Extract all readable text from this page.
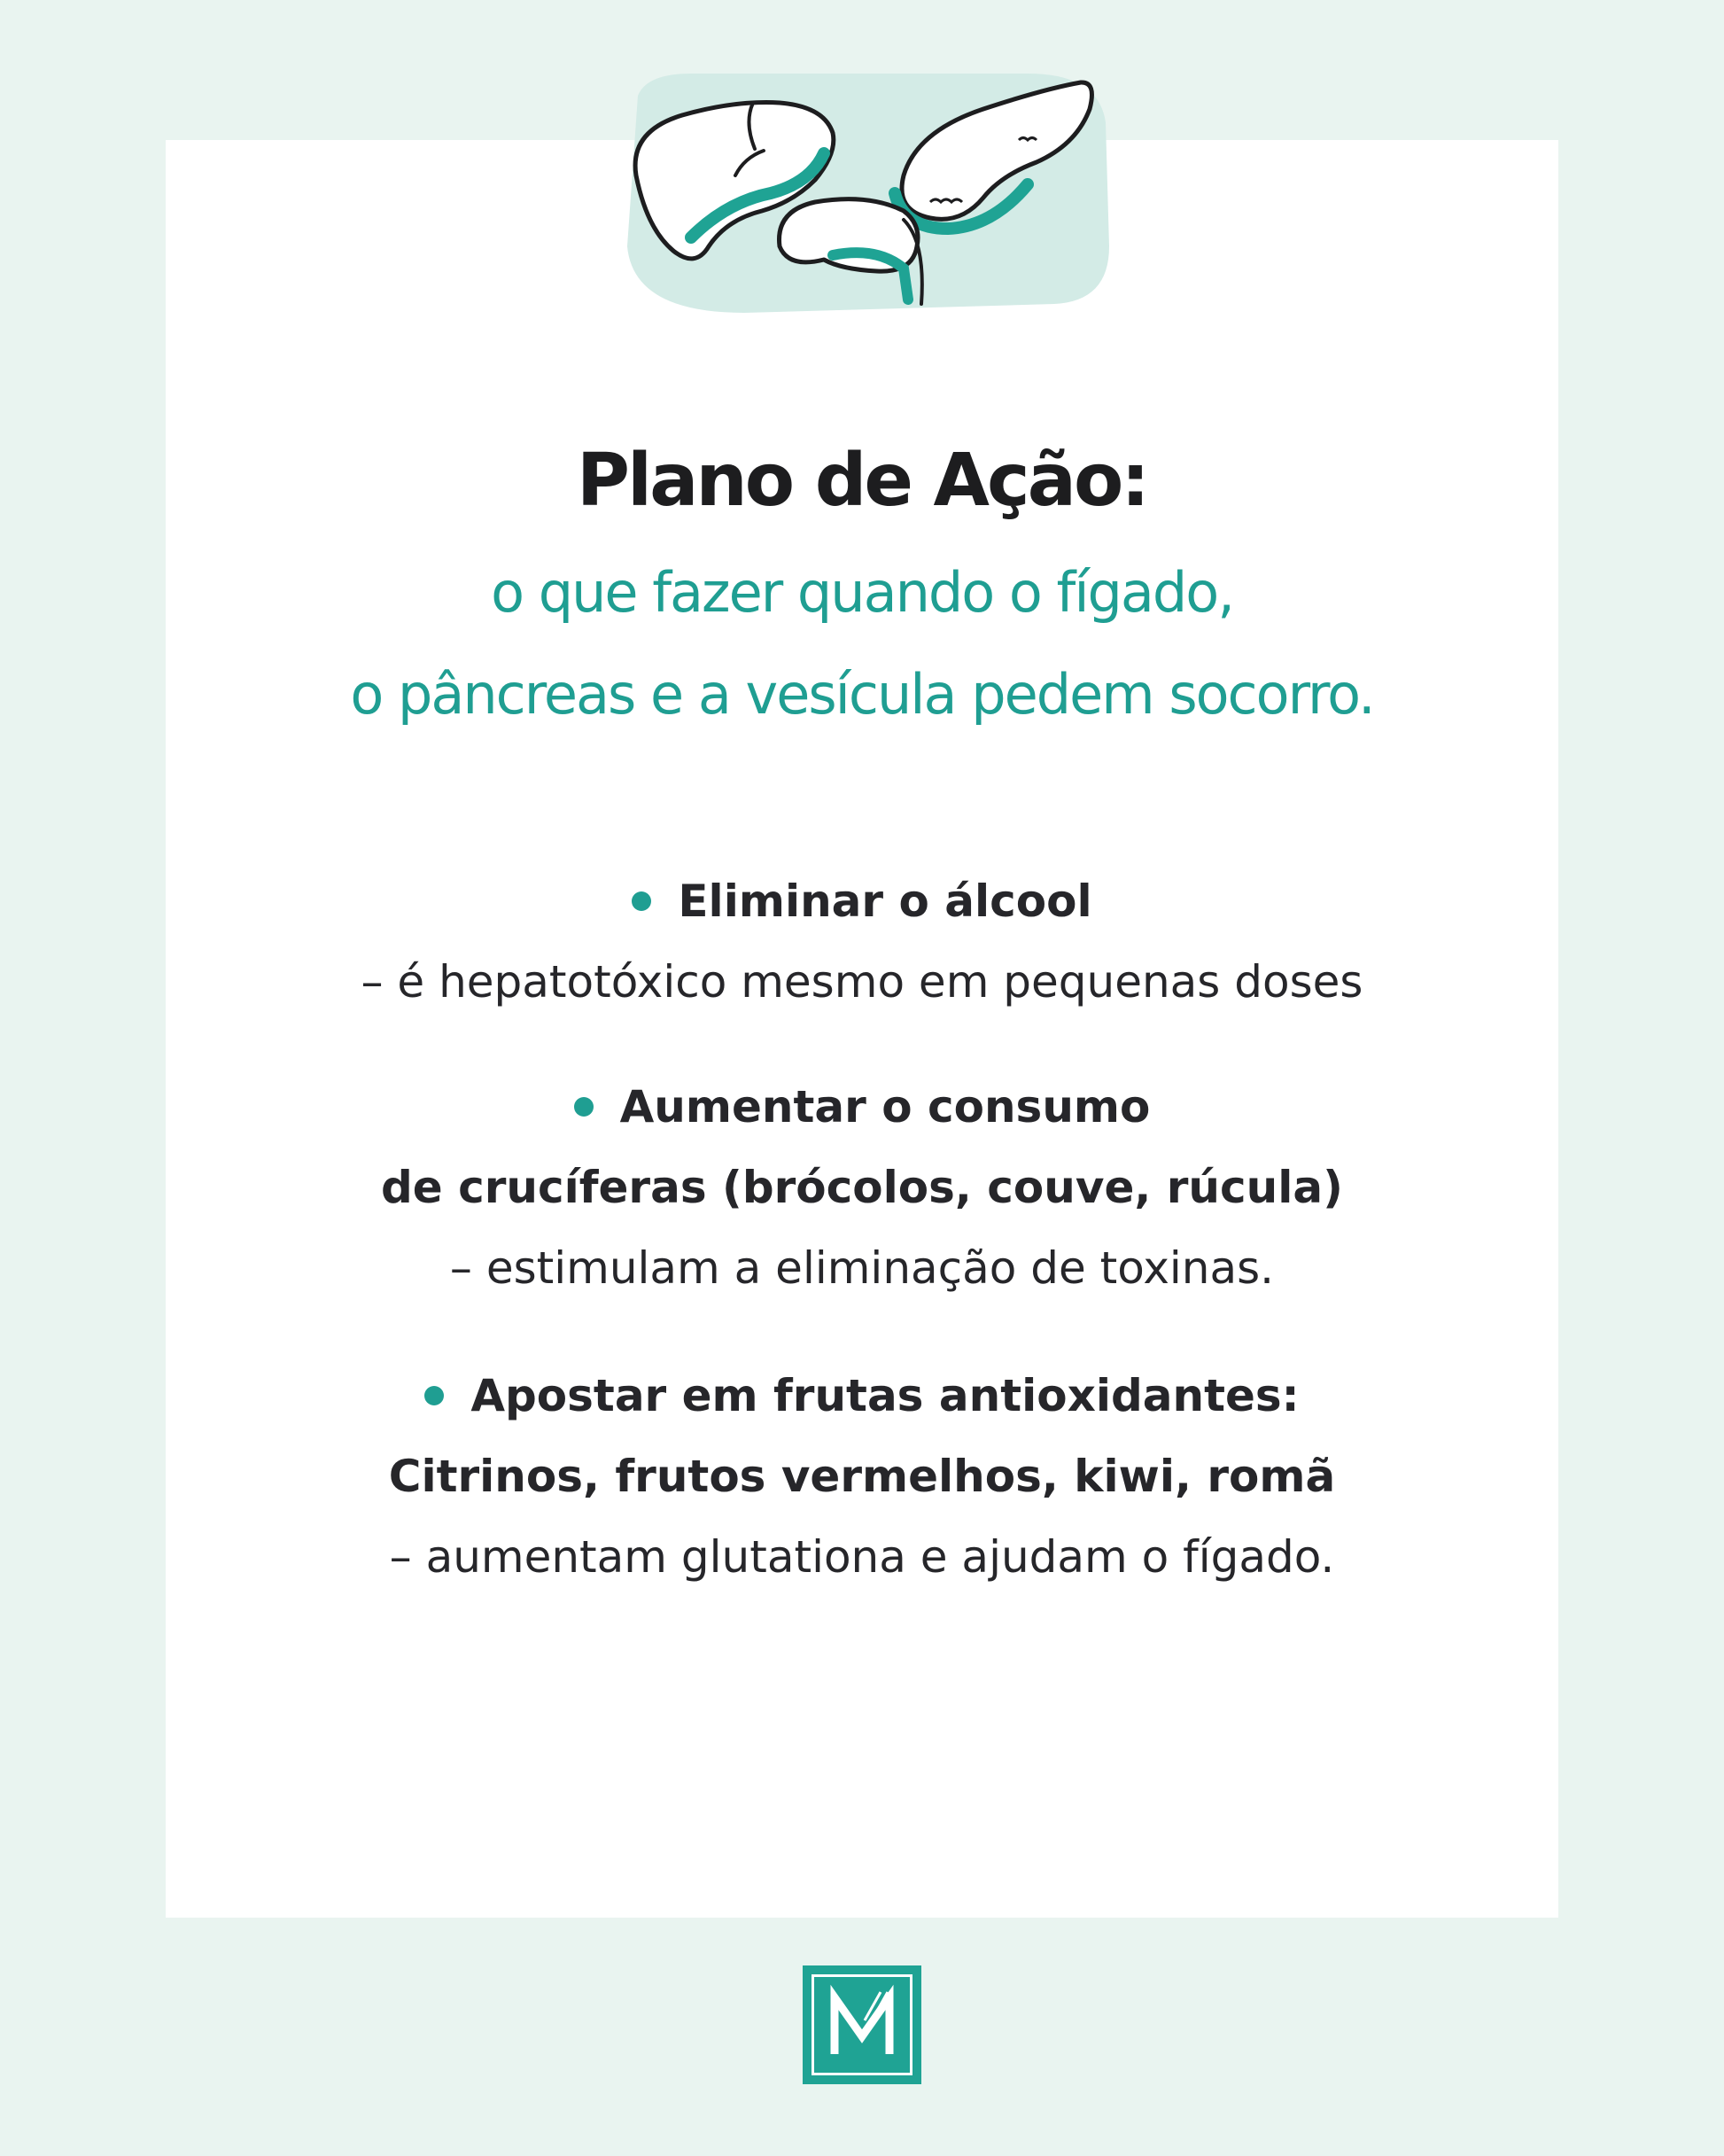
Plano de Ação:

o que fazer quando o fígado,

o pâncreas e a vesícula pedem socorro.

Eliminar o álcool

– é hepatotóxico mesmo em pequenas doses

Aumentar o consumo

de crucíferas (brócolos, couve, rúcula)

– estimulam a eliminação de toxinas.

Apostar em frutas antioxidantes:

Citrinos, frutos vermelhos, kiwi, romã

– aumentam glutationa e ajudam o fígado.
